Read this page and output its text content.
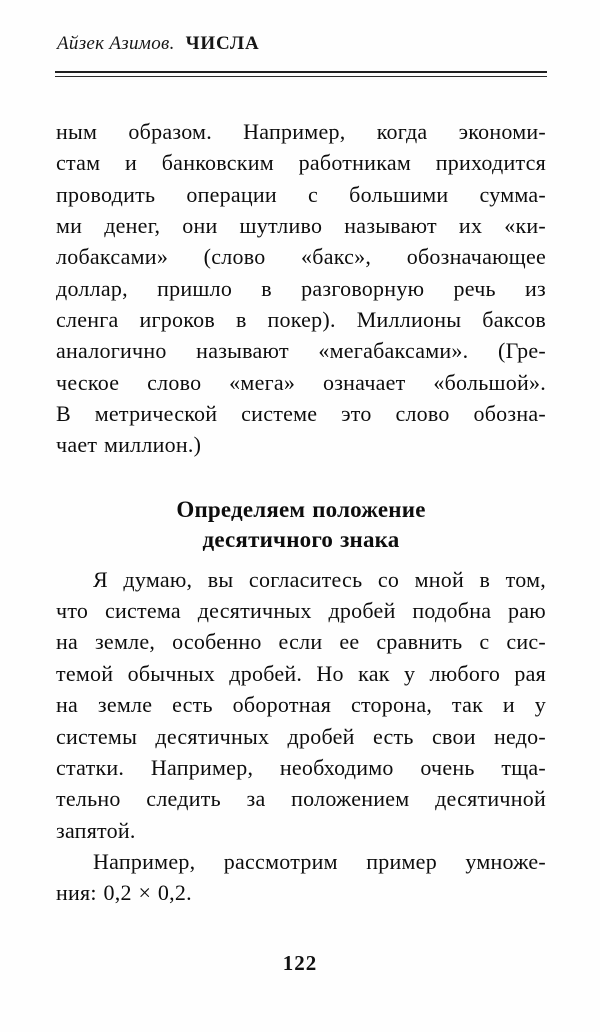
Айзек Азимов. ЧИСЛА
ным образом. Например, когда экономи-
стам и банковским работникам приходится
проводить операции с большими сумма-
ми денег, они шутливо называют их «ки-
лобаксами» (слово «бакс», обозначающее
доллар, пришло в разговорную речь из
сленга игроков в покер). Миллионы баксов
аналогично называют «мегабаксами». (Гре-
ческое слово «мега» означает «большой».
В метрической системе это слово обозна-
чает миллион.)
Определяем положение
десятичного знака
Я думаю, вы согласитесь со мной в том,
что система десятичных дробей подобна раю
на земле, особенно если ее сравнить с сис-
темой обычных дробей. Но как у любого рая
на земле есть оборотная сторона, так и у
системы десятичных дробей есть свои недо-
статки. Например, необходимо очень тща-
тельно следить за положением десятичной
запятой.
Например, рассмотрим пример умноже-
ния: 0,2 × 0,2.
122
